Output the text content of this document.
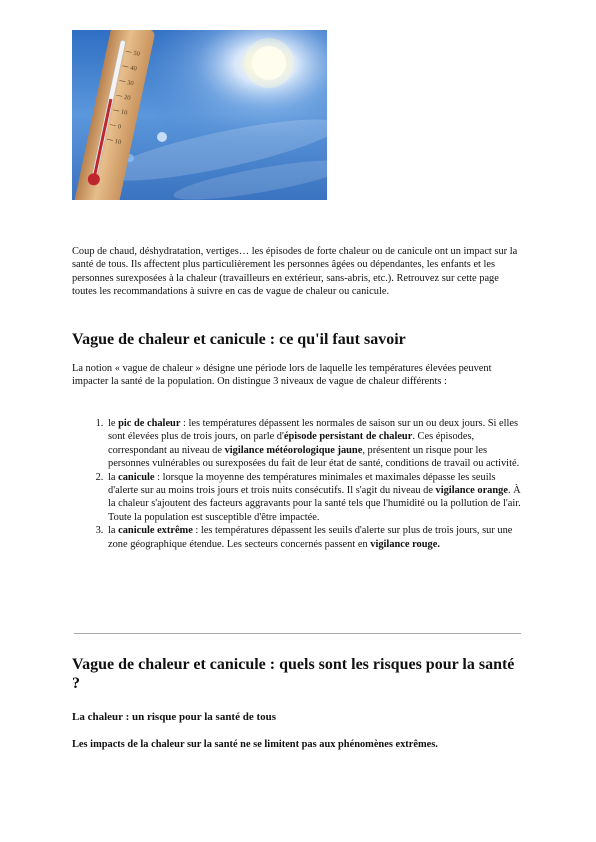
50
40
30
20
10
0
10

Coup de chaud, déshydratation, vertiges… les épisodes de forte chaleur ou de canicule ont un impact sur la santé de tous. Ils affectent plus particulièrement les personnes âgées ou dépendantes, les enfants et les personnes surexposées à la chaleur (travailleurs en extérieur, sans-abris, etc.). Retrouvez sur cette page toutes les recommandations à suivre en cas de vague de chaleur ou canicule.

Vague de chaleur et canicule : ce qu'il faut savoir

La notion « vague de chaleur » désigne une période lors de laquelle les températures élevées peuvent impacter la santé de la population. On distingue 3 niveaux de vague de chaleur différents :

1. le pic de chaleur : les températures dépassent les normales de saison sur un ou deux jours. Si elles sont élevées plus de trois jours, on parle d'épisode persistant de chaleur. Ces épisodes, correspondant au niveau de vigilance météorologique jaune, présentent un risque pour les personnes vulnérables ou surexposées du fait de leur état de santé, conditions de travail ou activité.
2. la canicule : lorsque la moyenne des températures minimales et maximales dépasse les seuils d'alerte sur au moins trois jours et trois nuits consécutifs. Il s'agit du niveau de vigilance orange. À la chaleur s'ajoutent des facteurs aggravants pour la santé tels que l'humidité ou la pollution de l'air. Toute la population est susceptible d'être impactée.
3. la canicule extrême : les températures dépassent les seuils d'alerte sur plus de trois jours, sur une zone géographique étendue. Les secteurs concernés passent en vigilance rouge.
Vague de chaleur et canicule : quels sont les risques pour la santé ?
La chaleur : un risque pour la santé de tous

Les impacts de la chaleur sur la santé ne se limitent pas aux phénomènes extrêmes.
